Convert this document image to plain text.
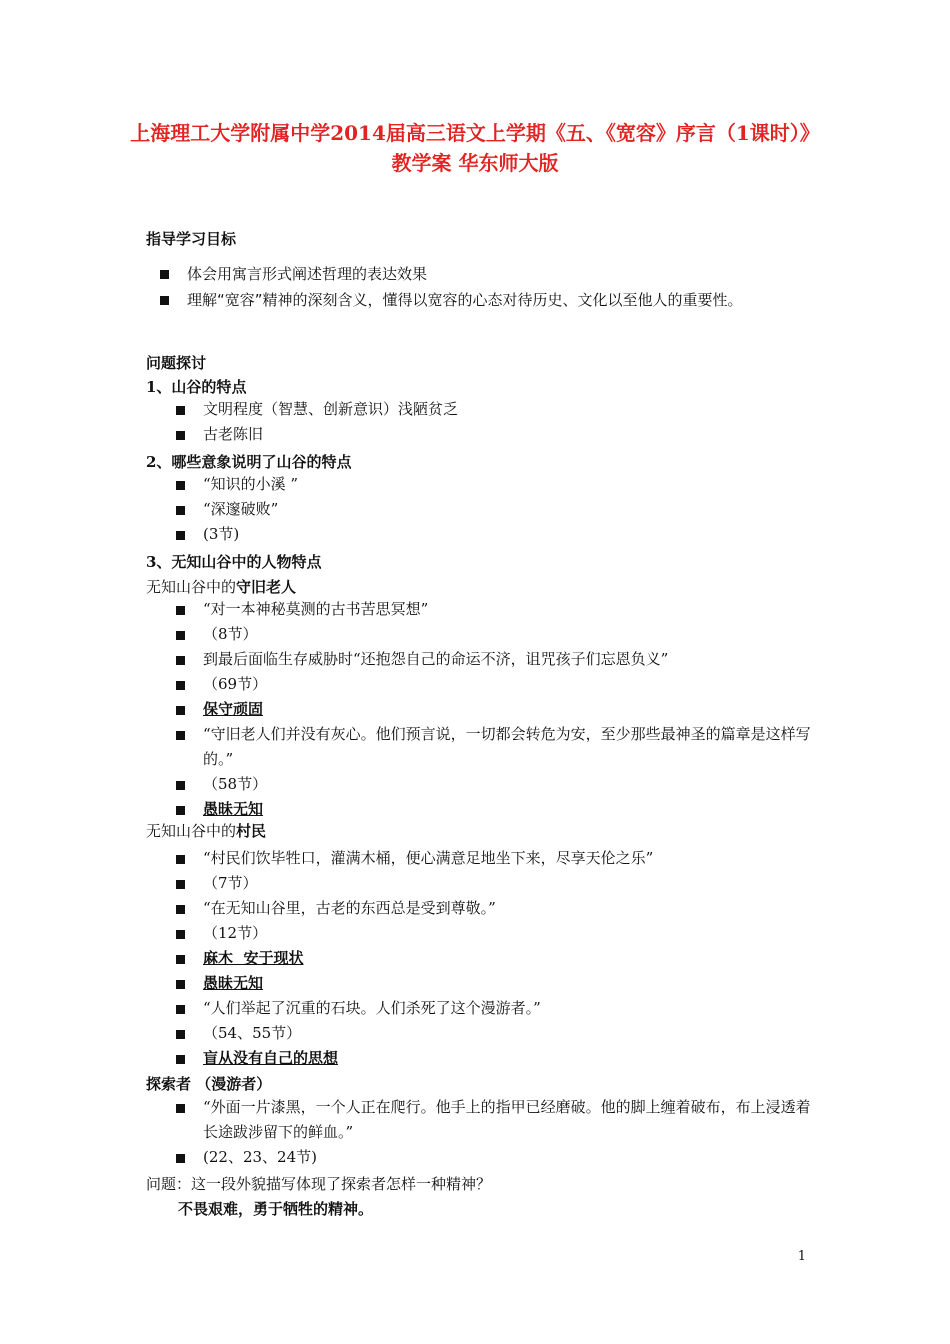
上海理工大学附属中学2014届高三语文上学期《五、《宽容》序言（1课时）》教学案 华东师大版
指导学习目标
体会用寓言形式阐述哲理的表达效果
理解“宽容”精神的深刻含义，懂得以宽容的心态对待历史、文化以至他人的重要性。
问题探讨
1、山谷的特点
文明程度（智慧、创新意识）浅陋贫乏
古老陈旧
2、哪些意象说明了山谷的特点
“知识的小溪 ”
“深邃破败”
(3节)
3、无知山谷中的人物特点
无知山谷中的守旧老人
“对一本神秘莫测的古书苦思冥想”
（8节）
到最后面临生存威胁时“还抱怨自己的命运不济，诅咒孩子们忘恩负义”
（69节）
保守顽固
“守旧老人们并没有灰心。他们预言说，一切都会转危为安，至少那些最神圣的篇章是这样写的。”
（58节）
愚昧无知
无知山谷中的村民
“村民们饮毕牲口，灌满木桶，便心满意足地坐下来，尽享天伦之乐”
（7节）
“在无知山谷里，古老的东西总是受到尊敬。”
（12节）
麻木  安于现状
愚昧无知
“人们举起了沉重的石块。人们杀死了这个漫游者。”
（54、55节）
盲从没有自己的思想
探索者 （漫游者）
“外面一片漆黑，一个人正在爬行。他手上的指甲已经磨破。他的脚上缠着破布，布上浸透着长途跋涉留下的鲜血。”
(22、23、24节)
问题：这一段外貌描写体现了探索者怎样一种精神？
不畏艰难，勇于牺牲的精神。
1
